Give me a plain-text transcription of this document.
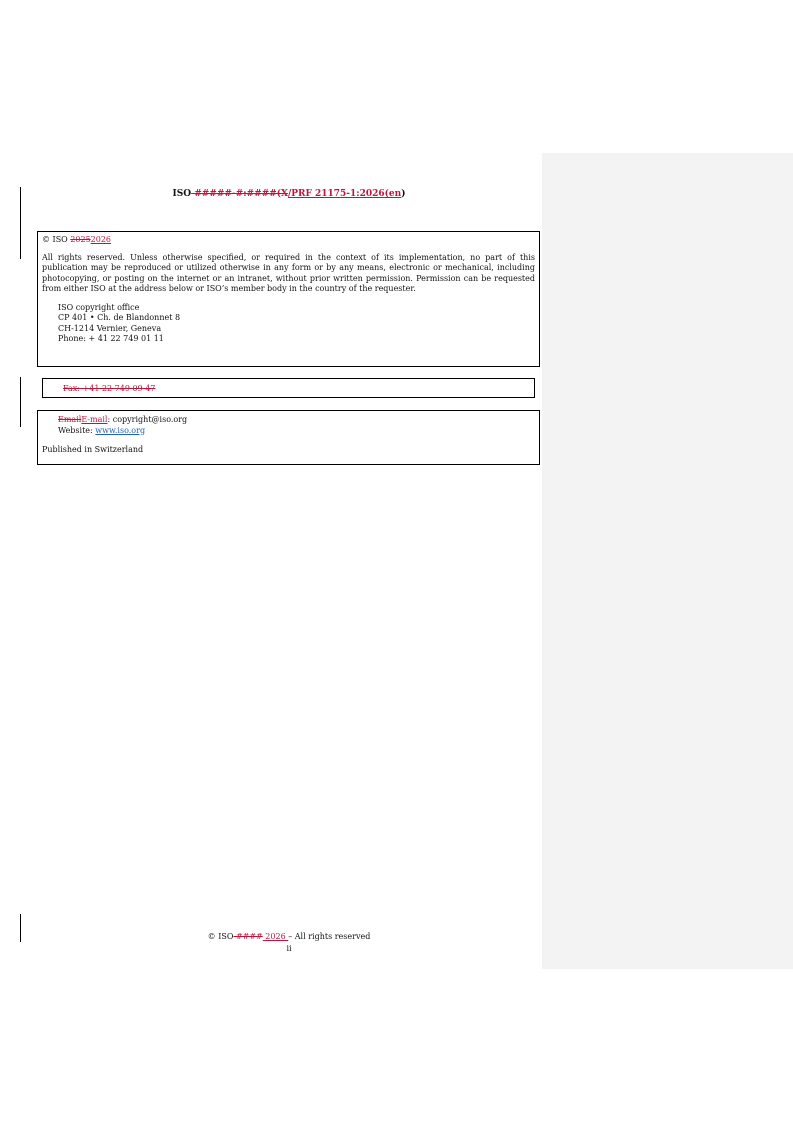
ISO #####-#:####(X/PRF 21175-1:2026(en)
© ISO 20252026
All rights reserved. Unless otherwise specified, or required in the context of its implementation, no part of this publication may be reproduced or utilized otherwise in any form or by any means, electronic or mechanical, including photocopying, or posting on the internet or an intranet, without prior written permission. Permission can be requested from either ISO at the address below or ISO’s member body in the country of the requester.
ISO copyright office
CP 401 • Ch. de Blandonnet 8
CH-1214 Vernier, Geneva
Phone: + 41 22 749 01 11
Fax: +41 22 749 09 47
EmailE-mail: copyright@iso.org
Website: www.iso.org
Published in Switzerland
© ISO #### 2026 – All rights reserved
ii
